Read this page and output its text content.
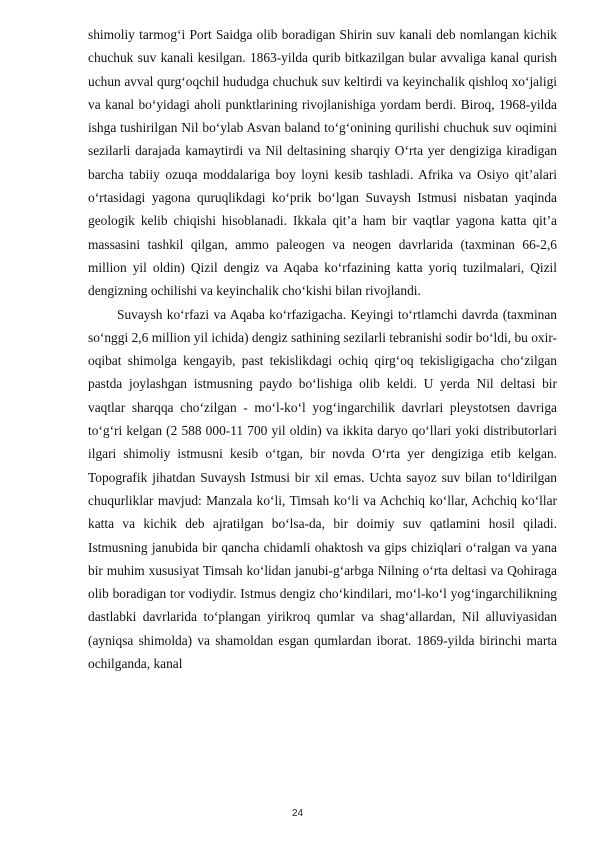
shimoliy tarmog‘i Port Saidga olib boradigan Shirin suv kanali deb nomlangan kichik chuchuk suv kanali kesilgan. 1863-yilda qurib bitkazilgan bular avvaliga kanal qurish uchun avval qurg‘oqchil hududga chuchuk suv keltirdi va keyinchalik qishloq xo‘jaligi va kanal bo‘yidagi aholi punktlarining rivojlanishiga yordam berdi. Biroq, 1968-yilda ishga tushirilgan Nil bo‘ylab Asvan baland to‘g‘onining qurilishi chuchuk suv oqimini sezilarli darajada kamaytirdi va Nil deltasining sharqiy O‘rta yer dengiziga kiradigan barcha tabiiy ozuqa moddalariga boy loyni kesib tashladi. Afrika va Osiyo qit’alari o‘rtasidagi yagona quruqlikdagi ko‘prik bo‘lgan Suvaysh Istmusi nisbatan yaqinda geologik kelib chiqishi hisoblanadi. Ikkala qit’a ham bir vaqtlar yagona katta qit’a massasini tashkil qilgan, ammo paleogen va neogen davrlarida (taxminan 66-2,6 million yil oldin) Qizil dengiz va Aqaba ko‘rfazining katta yoriq tuzilmalari, Qizil dengizning ochilishi va keyinchalik cho‘kishi bilan rivojlandi.

Suvaysh ko‘rfazi va Aqaba ko‘rfazigacha. Keyingi to‘rtlamchi davrda (taxminan so‘nggi 2,6 million yil ichida) dengiz sathining sezilarli tebranishi sodir bo‘ldi, bu oxir-oqibat shimolga kengayib, past tekislikdagi ochiq qirg‘oq tekisligigacha cho‘zilgan pastda joylashgan istmusning paydo bo‘lishiga olib keldi. U yerda Nil deltasi bir vaqtlar sharqqa cho‘zilgan - mo‘l-ko‘l yog‘ingarchilik davrlari pleystotsen davriga to‘g‘ri kelgan (2 588 000-11 700 yil oldin) va ikkita daryo qo‘llari yoki distributorlari ilgari shimoliy istmusni kesib o‘tgan, bir novda O‘rta yer dengiziga etib kelgan. Topografik jihatdan Suvaysh Istmusi bir xil emas. Uchta sayoz suv bilan to‘ldirilgan chuqurliklar mavjud: Manzala ko‘li, Timsah ko‘li va Achchiq ko‘llar, Achchiq ko‘llar katta va kichik deb ajratilgan bo‘lsa-da, bir doimiy suv qatlamini hosil qiladi. Istmusning janubida bir qancha chidamli ohaktosh va gips chiziqlari o‘ralgan va yana bir muhim xususiyat Timsah ko‘lidan janubi-g‘arbga Nilning o‘rta deltasi va Qohiraga olib boradigan tor vodiydir. Istmus dengiz cho‘kindilari, mo‘l-ko‘l yog‘ingarchilikning dastlabki davrlarida to‘plangan yirikroq qumlar va shag‘allardan, Nil alluviyasidan (ayniqsa shimolda) va shamoldan esgan qumlardan iborat. 1869-yilda birinchi marta ochilganda, kanal

24
